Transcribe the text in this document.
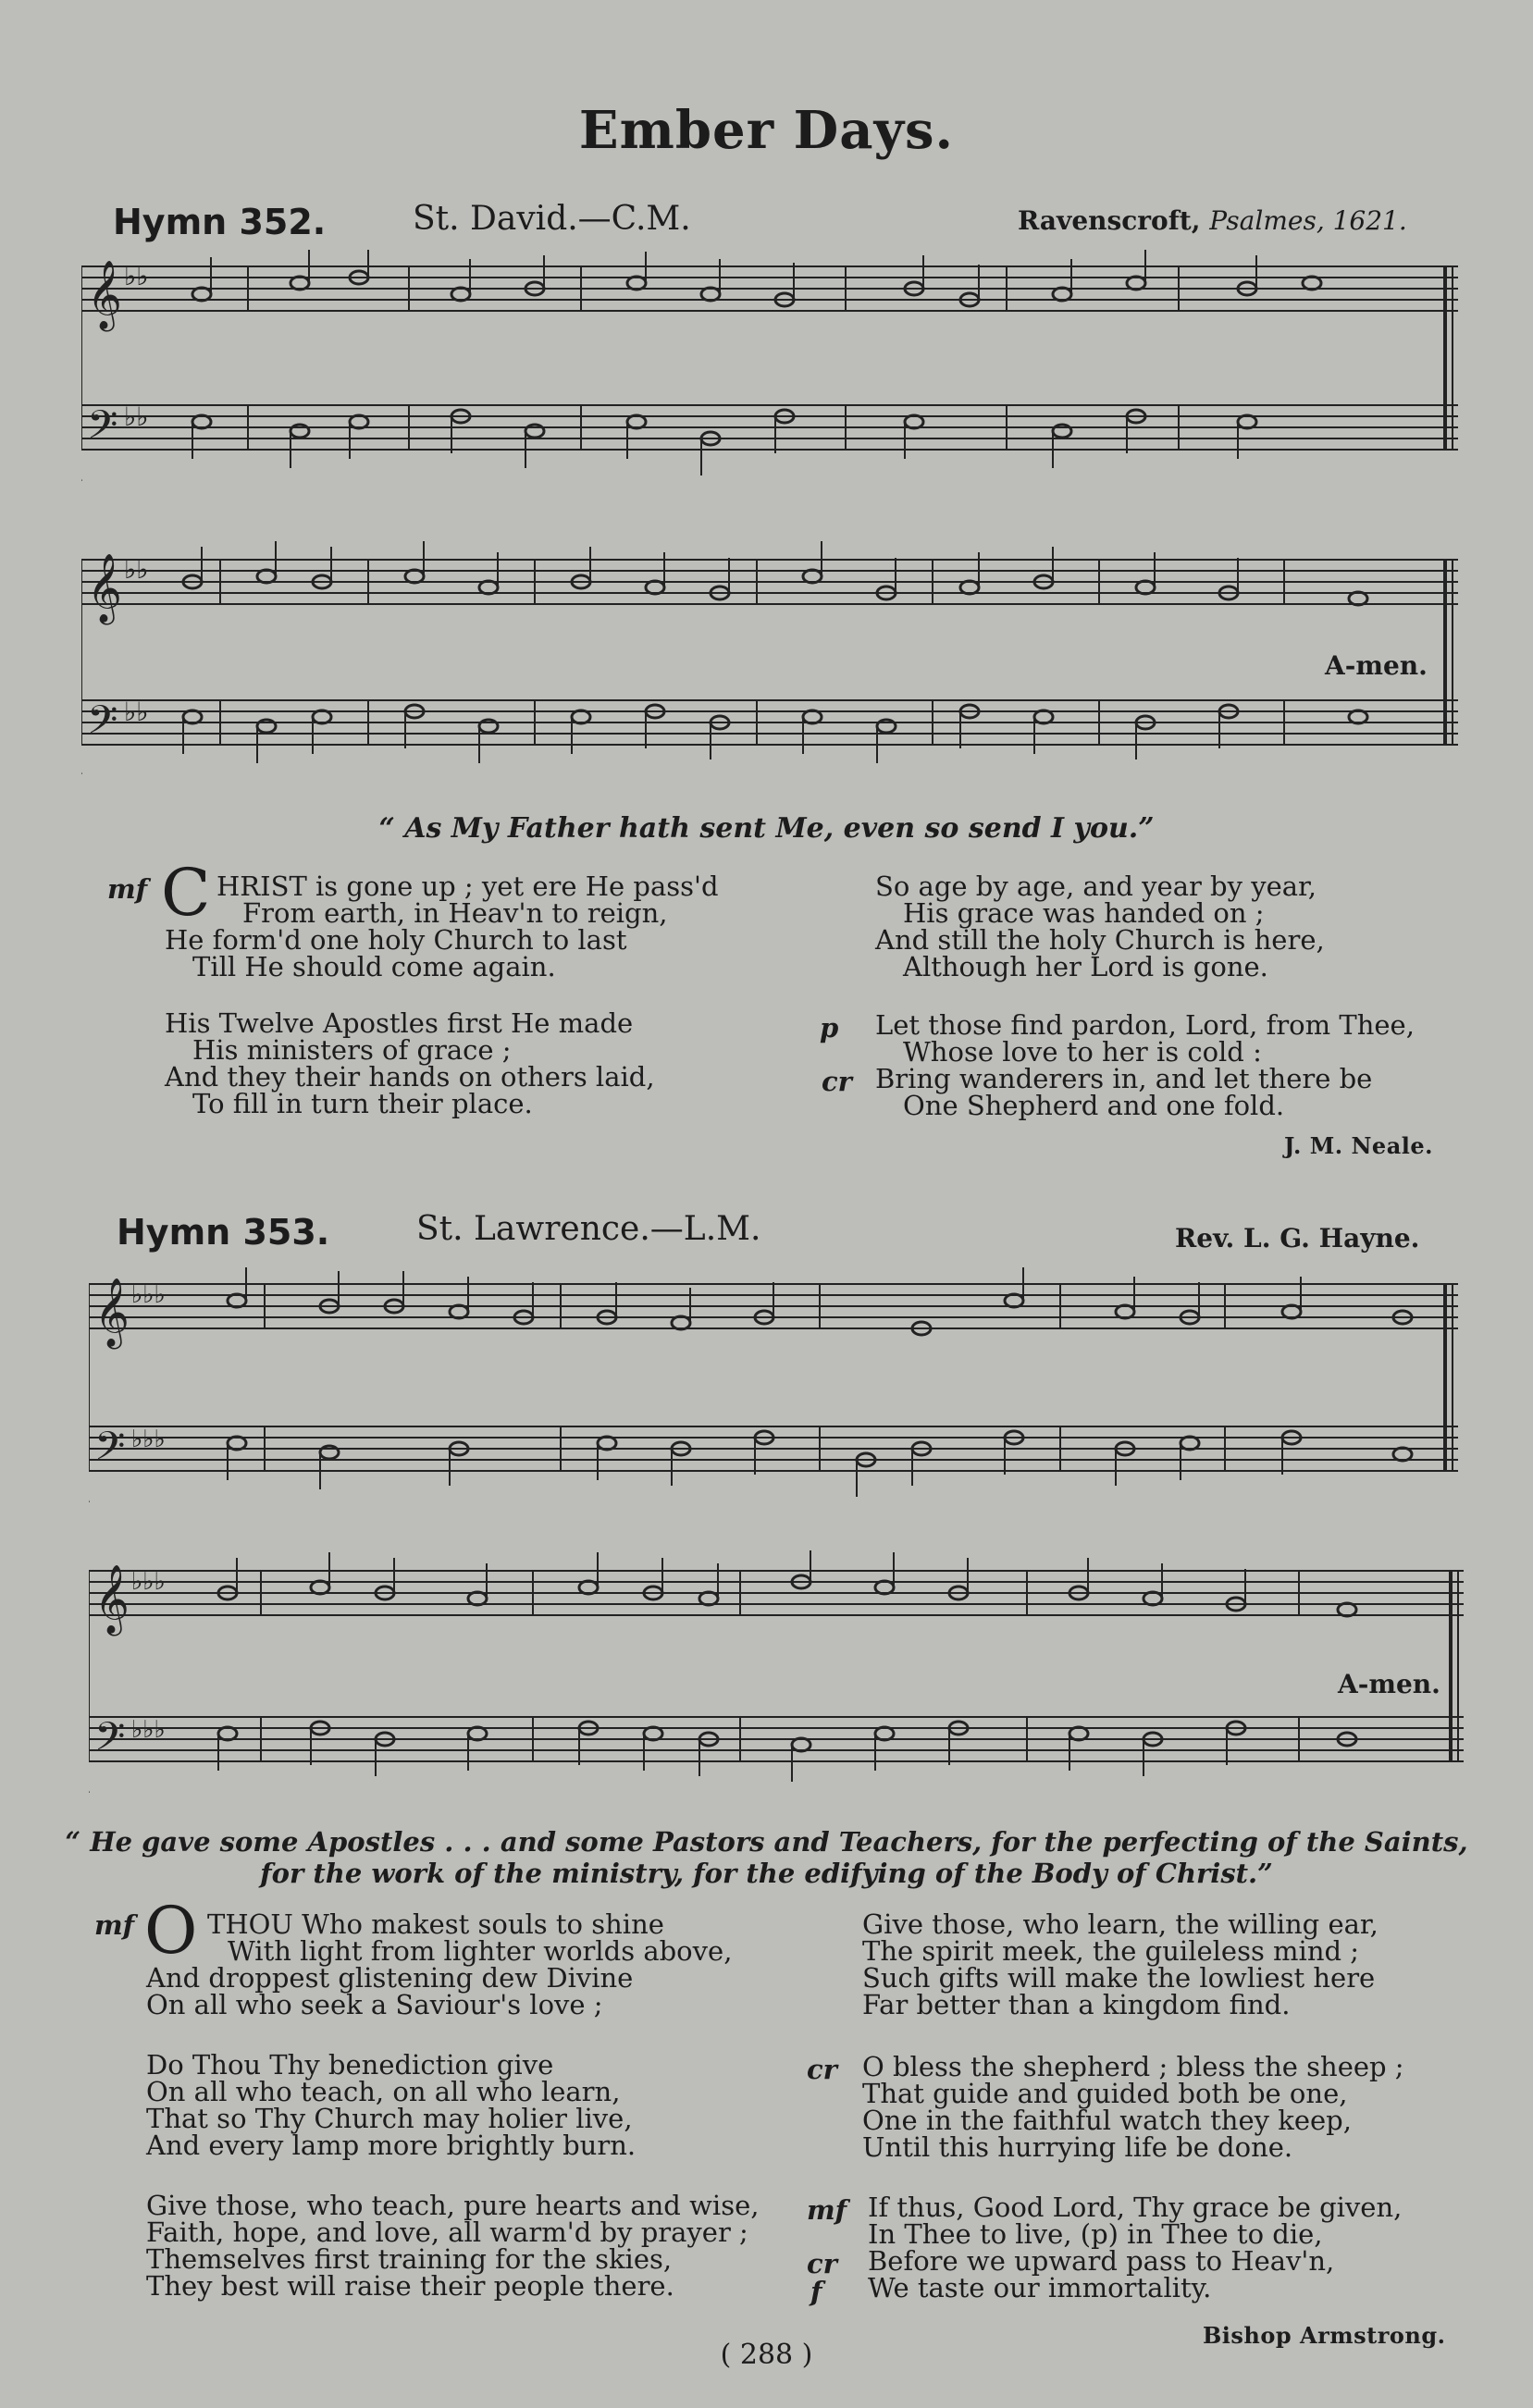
Ember Days.
Hymn 352.	St. David.—C.M.	Ravenscroft, Psalmes, 1621.
𝄞
𝄢
♭♭
♭♭
𝄞
𝄢
♭♭
♭♭
A-men.
“ As My Father hath sent Me, even so send I you.”
mf C HRIST is gone up ; yet ere He pass'd
From earth, in Heav'n to reign,
He form'd one holy Church to last
Till He should come again.
His Twelve Apostles first He made
His ministers of grace ;
And they their hands on others laid,
To fill in turn their place.
So age by age, and year by year,
His grace was handed on ;
And still the holy Church is here,
Although her Lord is gone.
p
cr
Let those find pardon, Lord, from Thee,
Whose love to her is cold :
Bring wanderers in, and let there be
One Shepherd and one fold.
J. M. Neale.
Hymn 353.	St. Lawrence.—L.M.	Rev. L. G. Hayne.
𝄞
𝄢
♭♭♭
♭♭♭
𝄞
𝄢
♭♭♭
♭♭♭
A-men.
“ He gave some Apostles . . . and some Pastors and Teachers, for the perfecting of the Saints,
for the work of the ministry, for the edifying of the Body of Christ.”
mf O THOU Who makest souls to shine
With light from lighter worlds above,
And droppest glistening dew Divine
On all who seek a Saviour's love ;
Do Thou Thy benediction give
On all who teach, on all who learn,
That so Thy Church may holier live,
And every lamp more brightly burn.
Give those, who teach, pure hearts and wise,
Faith, hope, and love, all warm'd by prayer ;
Themselves first training for the skies,
They best will raise their people there.
Give those, who learn, the willing ear,
The spirit meek, the guileless mind ;
Such gifts will make the lowliest here
Far better than a kingdom find.
cr O bless the shepherd ; bless the sheep ;
That guide and guided both be one,
One in the faithful watch they keep,
Until this hurrying life be done.
mf
cr
f
If thus, Good Lord, Thy grace be given,
In Thee to live, (p) in Thee to die,
Before we upward pass to Heav'n,
We taste our immortality.
Bishop Armstrong.
( 288 )
